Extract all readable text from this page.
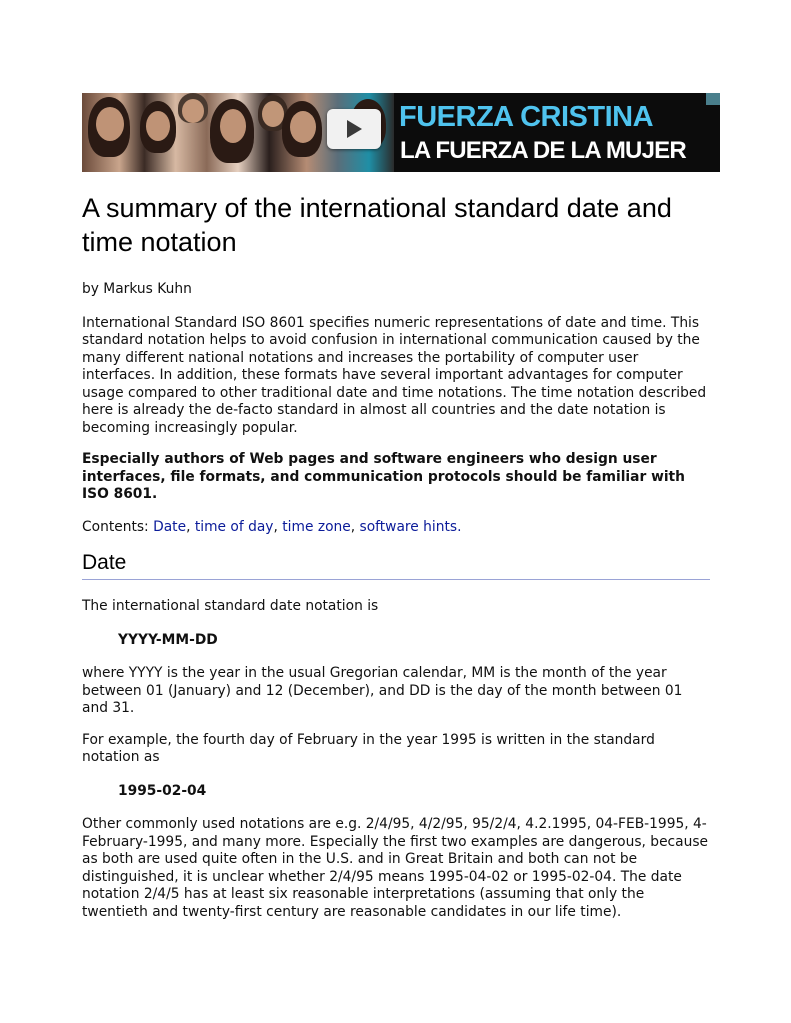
FUERZA CRISTINA
LA FUERZA DE LA MUJER
A summary of the international standard date and time notation

by Markus Kuhn

International Standard ISO 8601 specifies numeric representations of date and time. This standard notation helps to avoid confusion in international communication caused by the many different national notations and increases the portability of computer user interfaces. In addition, these formats have several important advantages for computer usage compared to other traditional date and time notations. The time notation described here is already the de-facto standard in almost all countries and the date notation is becoming increasingly popular.

Especially authors of Web pages and software engineers who design user interfaces, file formats, and communication protocols should be familiar with ISO 8601.

Contents: Date, time of day, time zone, software hints.

Date

The international standard date notation is

YYYY-MM-DD

where YYYY is the year in the usual Gregorian calendar, MM is the month of the year between 01 (January) and 12 (December), and DD is the day of the month between 01 and 31.

For example, the fourth day of February in the year 1995 is written in the standard notation as

1995-02-04

Other commonly used notations are e.g. 2/4/95, 4/2/95, 95/2/4, 4.2.1995, 04-FEB-1995, 4-February-1995, and many more. Especially the first two examples are dangerous, because as both are used quite often in the U.S. and in Great Britain and both can not be distinguished, it is unclear whether 2/4/95 means 1995-04-02 or 1995-02-04. The date notation 2/4/5 has at least six reasonable interpretations (assuming that only the twentieth and twenty-first century are reasonable candidates in our life time).
